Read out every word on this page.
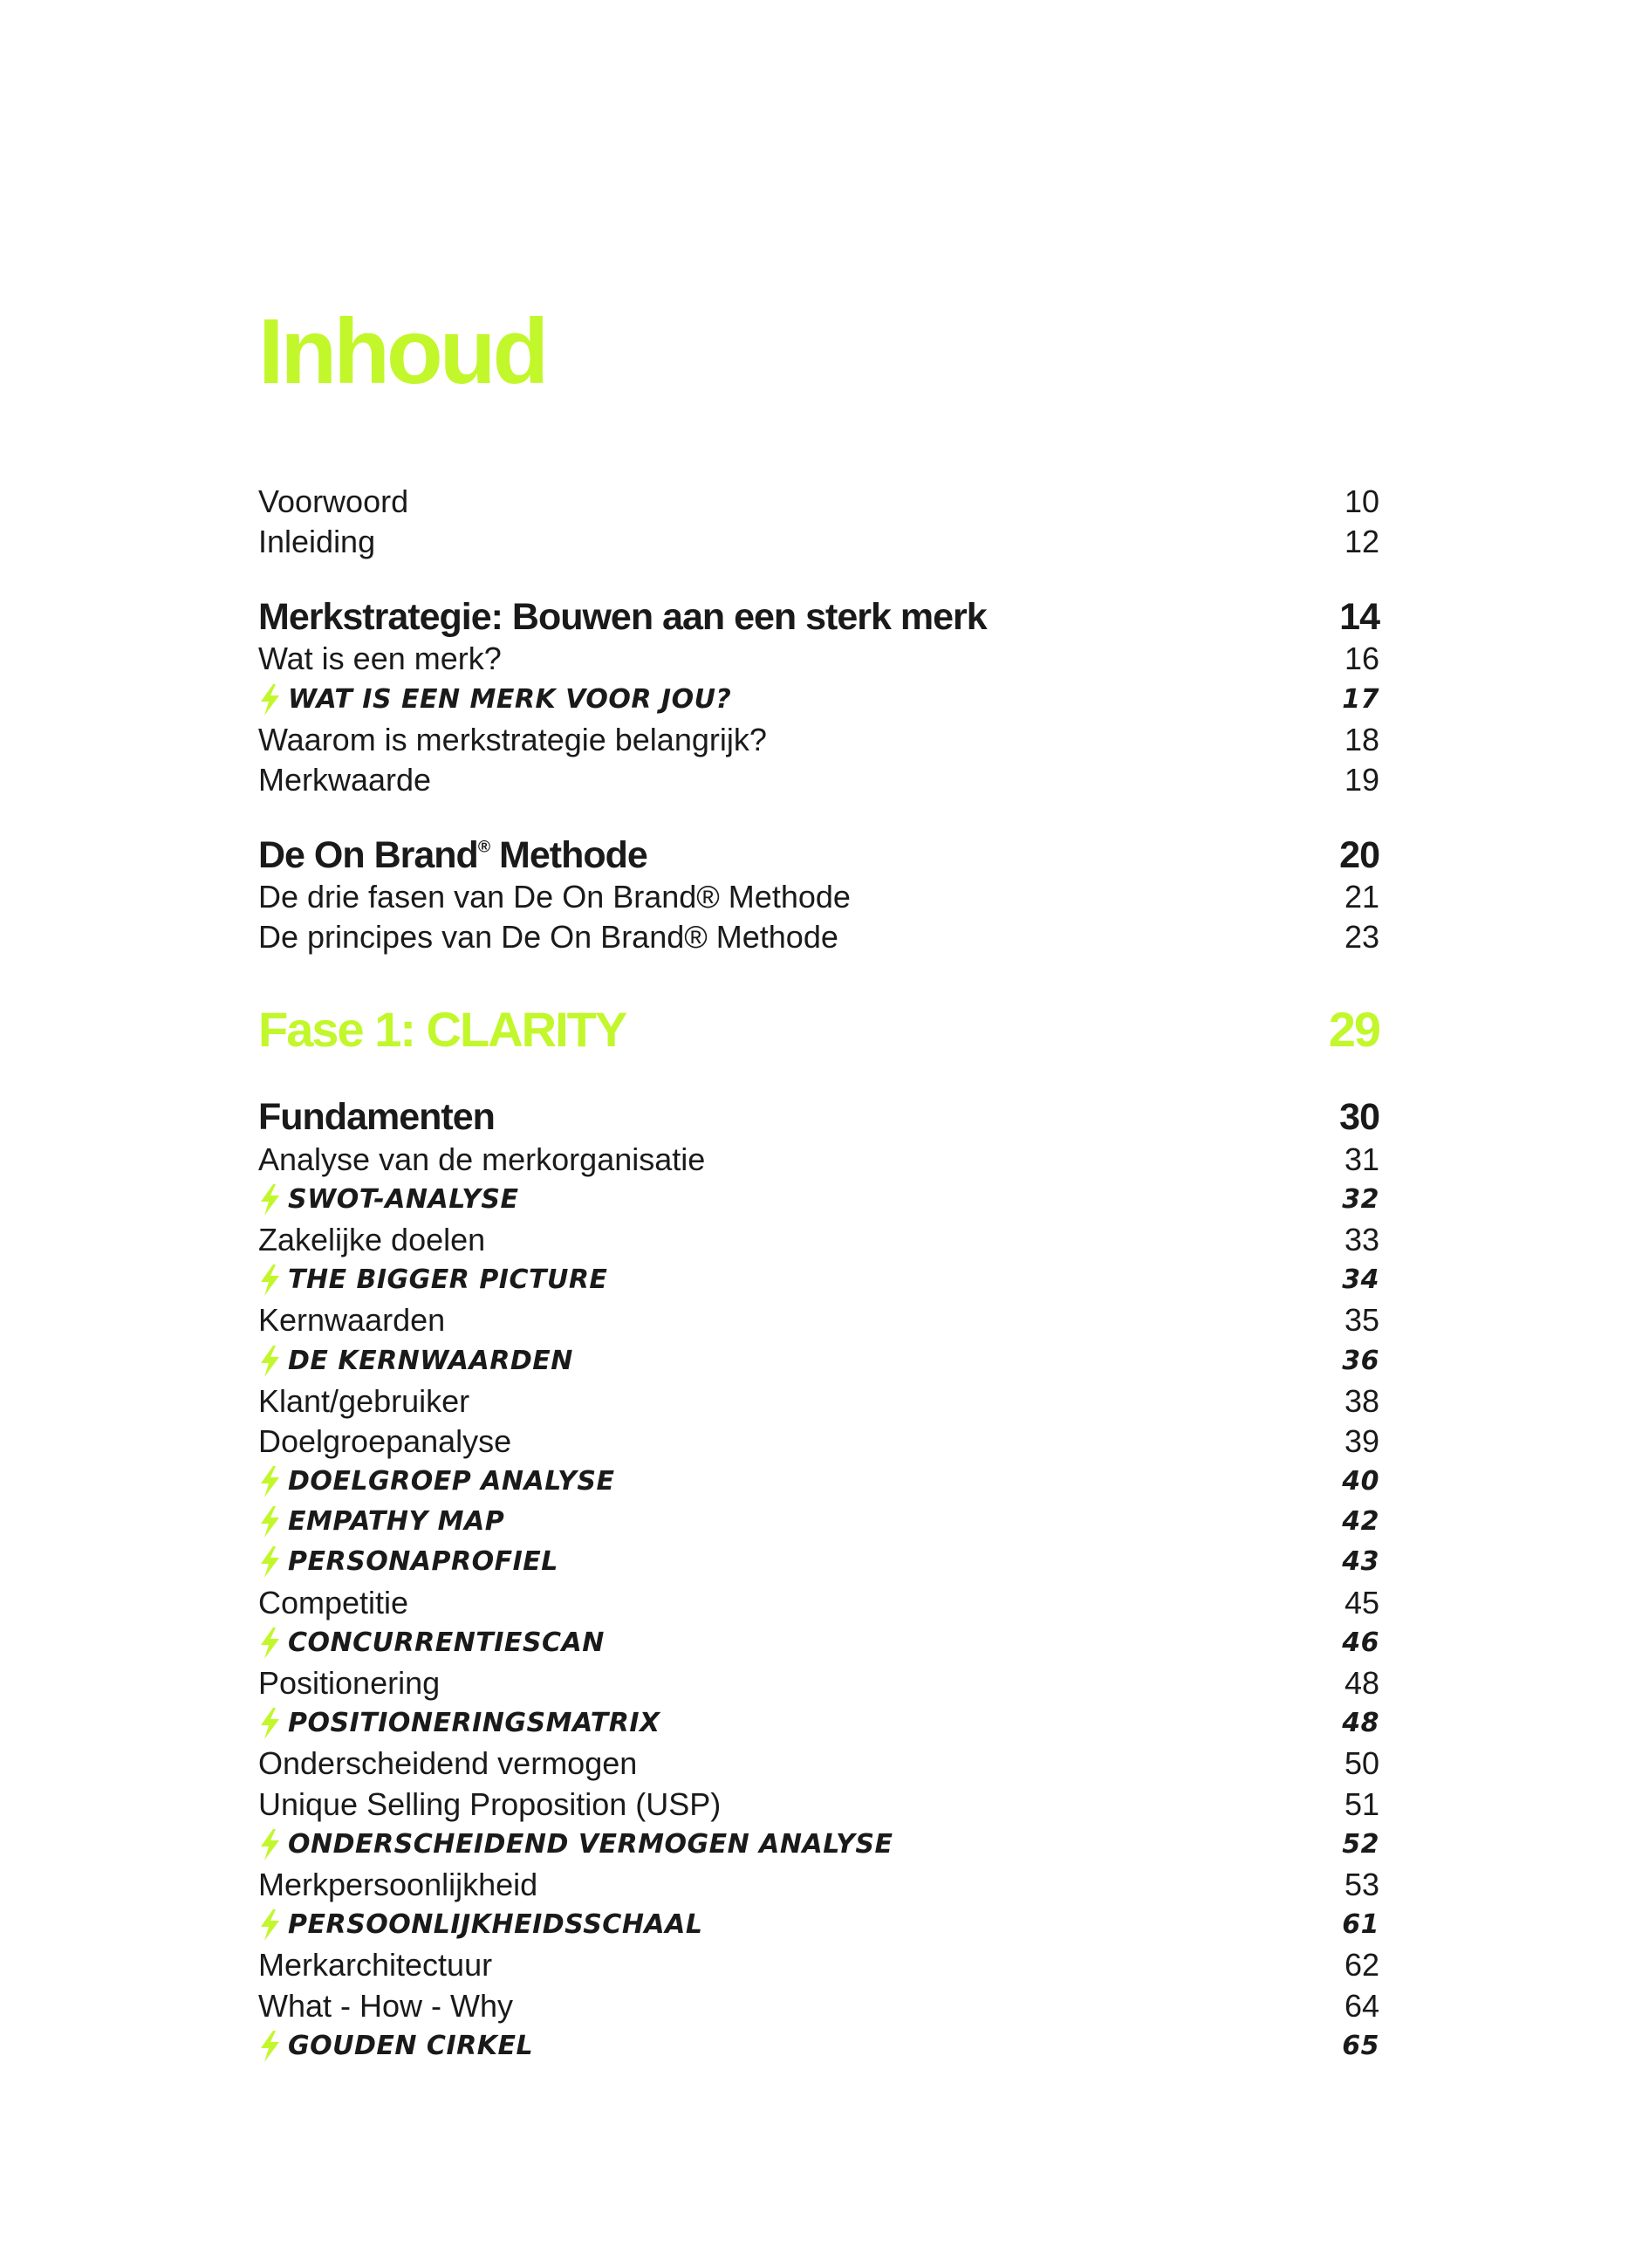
Inhoud
Voorwoord	10
Inleiding	12
Merkstrategie: Bouwen aan een sterk merk	14
Wat is een merk?	16
WAT IS EEN MERK VOOR JOU?	17
Waarom is merkstrategie belangrijk?	18
Merkwaarde	19
De On Brand® Methode	20
De drie fasen van De On Brand® Methode	21
De principes van De On Brand® Methode	23
Fase 1: CLARITY	29
Fundamenten	30
Analyse van de merkorganisatie	31
SWOT-ANALYSE	32
Zakelijke doelen	33
THE BIGGER PICTURE	34
Kernwaarden	35
DE KERNWAARDEN	36
Klant/gebruiker	38
Doelgroepanalyse	39
DOELGROEP ANALYSE	40
EMPATHY MAP	42
PERSONAPROFIEL	43
Competitie	45
CONCURRENTIESCAN	46
Positionering	48
POSITIONERINGSMATRIX	48
Onderscheidend vermogen	50
Unique Selling Proposition (USP)	51
ONDERSCHEIDEND VERMOGEN ANALYSE	52
Merkpersoonlijkheid	53
PERSOONLIJKHEIDSSCHAAL	61
Merkarchitectuur	62
What - How - Why	64
GOUDEN CIRKEL	65
